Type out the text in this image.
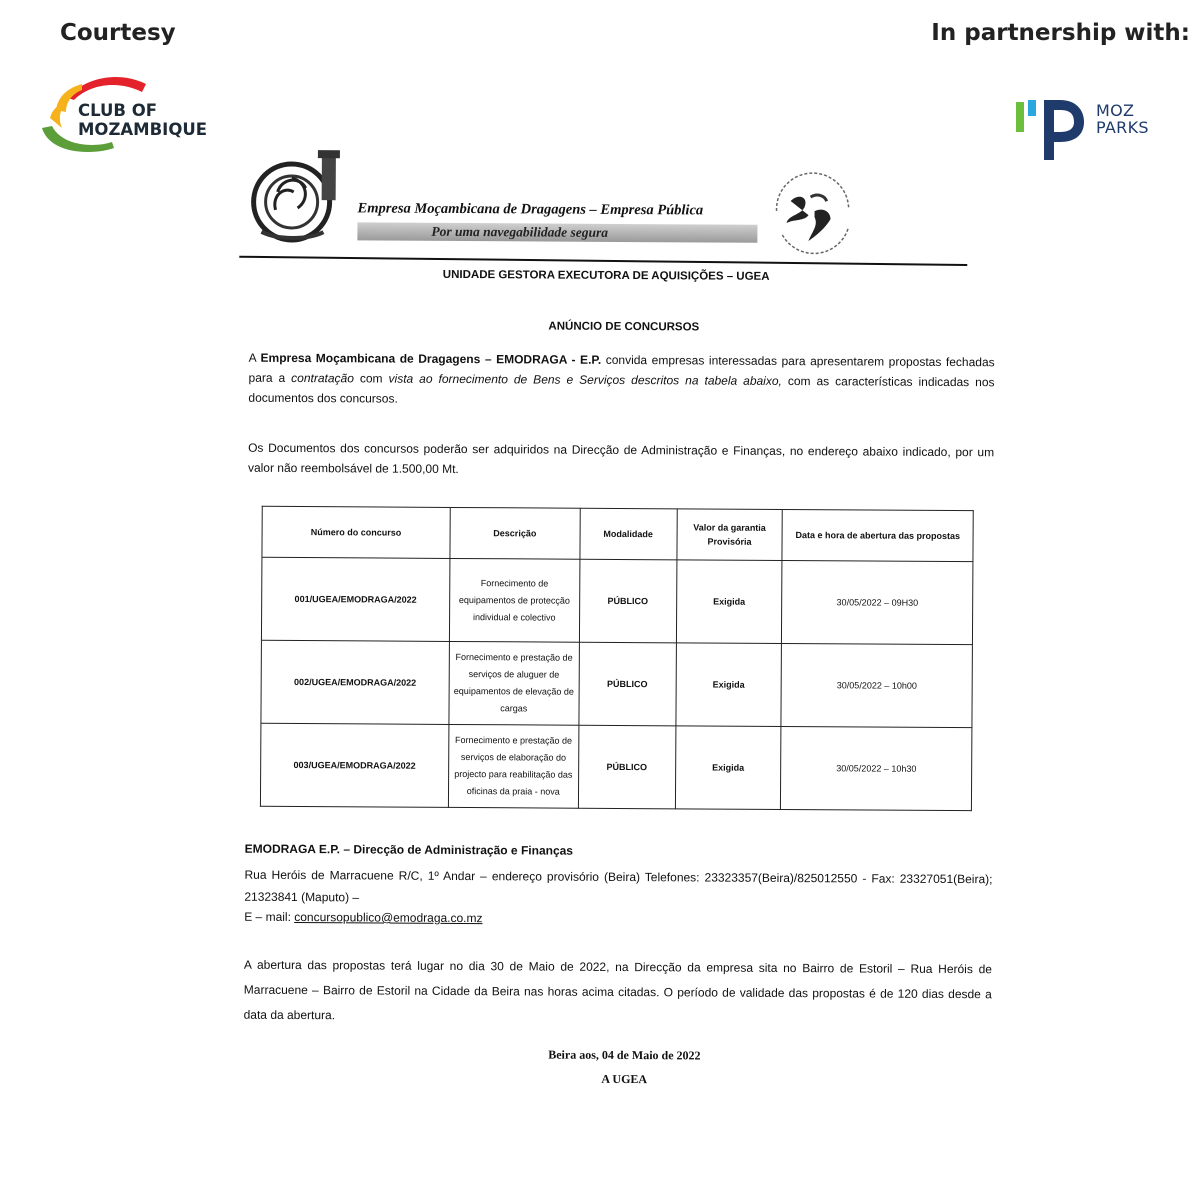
Courtesy	In partnership with:
CLUB OF
MOZAMBIQUE
MOZ
PARKS
Empresa Moçambicana de Dragagens – Empresa Pública
Por uma navegabilidade segura
UNIDADE GESTORA EXECUTORA DE AQUISIÇÕES – UGEA
ANÚNCIO DE CONCURSOS
A Empresa Moçambicana de Dragagens – EMODRAGA - E.P. convida empresas interessadas para apresentarem propostas fechadas para a contratação com vista ao fornecimento de Bens e Serviços descritos na tabela abaixo, com as características indicadas nos documentos dos concursos.
Os Documentos dos concursos poderão ser adquiridos na Direcção de Administração e Finanças, no endereço abaixo indicado, por um valor não reembolsável de 1.500,00 Mt.
Número do concurso	Descrição	Modalidade	Valor da garantia Provisória	Data e hora de abertura das propostas
001/UGEA/EMODRAGA/2022	Fornecimento de equipamentos de protecção individual e colectivo	PÚBLICO	Exigida	30/05/2022 – 09H30
002/UGEA/EMODRAGA/2022	Fornecimento e prestação de serviços de aluguer de equipamentos de elevação de cargas	PÚBLICO	Exigida	30/05/2022 – 10h00
003/UGEA/EMODRAGA/2022	Fornecimento e prestação de serviços de elaboração do projecto para reabilitação das oficinas da praia - nova	PÚBLICO	Exigida	30/05/2022 – 10h30
EMODRAGA E.P. – Direcção de Administração e Finanças
Rua Heróis de Marracuene R/C, 1º Andar – endereço provisório (Beira) Telefones: 23323357(Beira)/825012550 - Fax: 23327051(Beira); 21323841 (Maputo) –
E – mail: concursopublico@emodraga.co.mz
A abertura das propostas terá lugar no dia 30 de Maio de 2022, na Direcção da empresa sita no Bairro de Estoril – Rua Heróis de Marracuene – Bairro de Estoril na Cidade da Beira nas horas acima citadas. O período de validade das propostas é de 120 dias desde a data da abertura.
Beira aos, 04 de Maio de 2022
A UGEA
